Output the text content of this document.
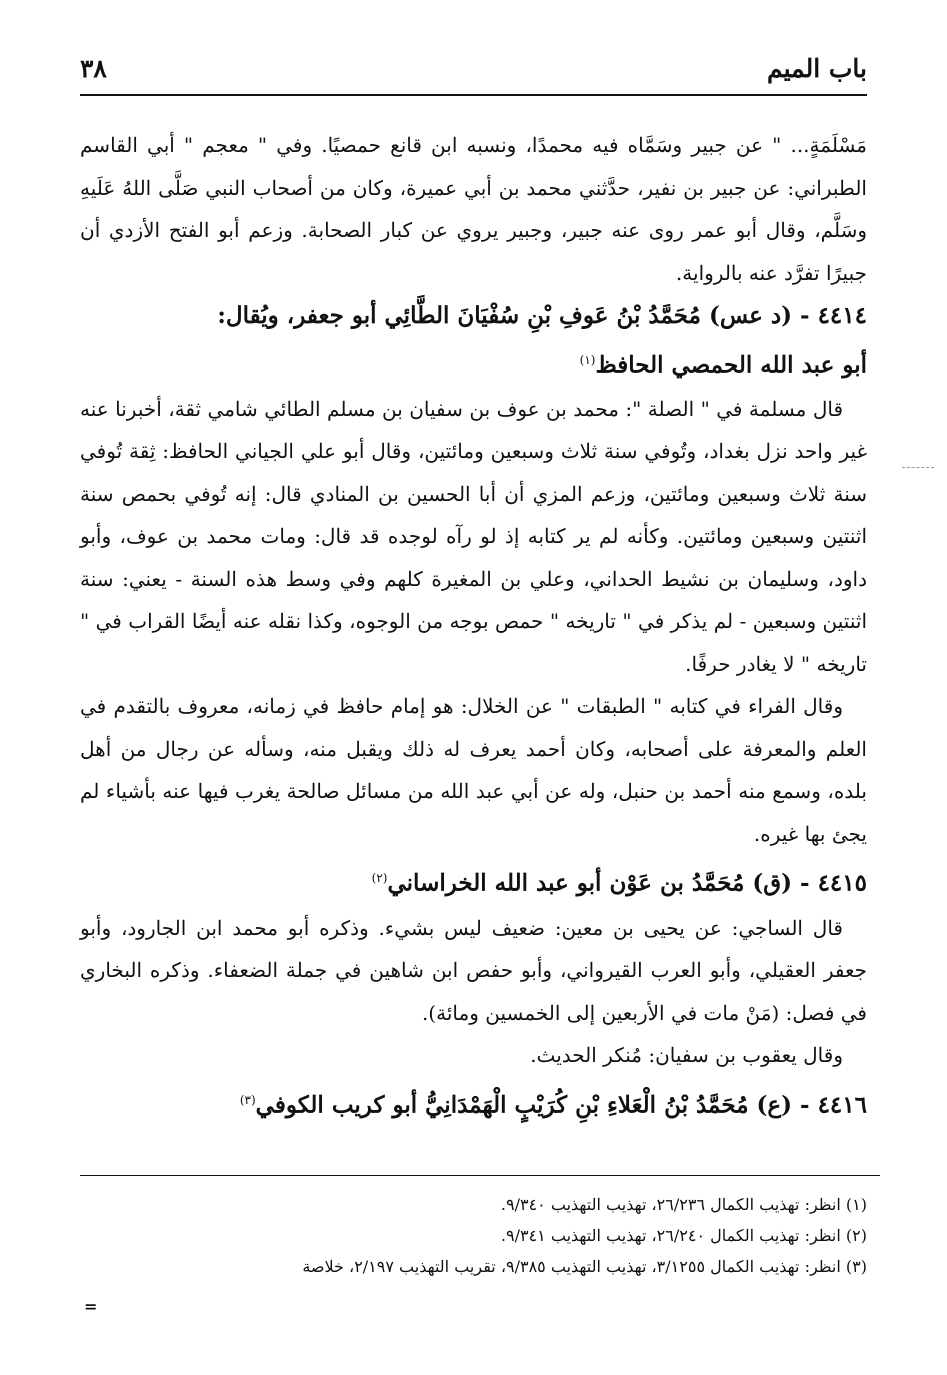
باب الميم
٣٨

مَسْلَمَةٍ... " عن جبير وسَمَّاه فيه محمدًا، ونسبه ابن قانع حمصيًا. وفي " معجم " أبي القاسم الطبراني: عن جبير بن نفير، حدَّثني محمد بن أبي عميرة، وكان من أصحاب النبي صَلَّى اللهُ عَلَيهِ وسَلَّم، وقال أبو عمر روى عنه جبير، وجبير يروي عن كبار الصحابة. وزعم أبو الفتح الأزدي أن جبيرًا تفرَّد عنه بالرواية.

٤٤١٤ - (د عس) مُحَمَّدُ بْنُ عَوفِ بْنِ سُفْيَانَ الطَّائِي أبو جعفر، ويُقال:

أبو عبد الله الحمصي الحافظ$^{(١)}$

قال مسلمة في " الصلة ": محمد بن عوف بن سفيان بن مسلم الطائي شامي ثقة، أخبرنا عنه غير واحد نزل بغداد، وتُوفي سنة ثلاث وسبعين ومائتين، وقال أبو علي الجياني الحافظ: ثِقة تُوفي سنة ثلاث وسبعين ومائتين، وزعم المزي أن أبا الحسين بن المنادي قال: إنه تُوفي بحمص سنة اثنتين وسبعين ومائتين. وكأنه لم ير كتابه إذ لو رآه لوجده قد قال: ومات محمد بن عوف، وأبو داود، وسليمان بن نشيط الحداني، وعلي بن المغيرة كلهم وفي وسط هذه السنة - يعني: سنة اثنتين وسبعين - لم يذكر في " تاريخه " حمص بوجه من الوجوه، وكذا نقله عنه أيضًا القراب في " تاريخه " لا يغادر حرفًا.

وقال الفراء في كتابه " الطبقات " عن الخلال: هو إمام حافظ في زمانه، معروف بالتقدم في العلم والمعرفة على أصحابه، وكان أحمد يعرف له ذلك ويقبل منه، وسأله عن رجال من أهل بلده، وسمع منه أحمد بن حنبل، وله عن أبي عبد الله من مسائل صالحة يغرب فيها عنه بأشياء لم يجئ بها غيره.

٤٤١٥ - (ق) مُحَمَّدُ بن عَوْن أبو عبد الله الخراساني$^{(٢)}$

قال الساجي: عن يحيى بن معين: ضعيف ليس بشيء. وذكره أبو محمد ابن الجارود، وأبو جعفر العقيلي، وأبو العرب القيرواني، وأبو حفص ابن شاهين في جملة الضعفاء. وذكره البخاري في فصل: (مَنْ مات في الأربعين إلى الخمسين ومائة).

وقال يعقوب بن سفيان: مُنكر الحديث.

٤٤١٦ - (ع) مُحَمَّدُ بْنُ الْعَلاءِ بْنِ كُرَيْبٍ الْهَمْدَانِيُّ أبو كريب الكوفي$^{(٣)}$

(١) انظر: تهذيب الكمال ٢٦/٢٣٦، تهذيب التهذيب ٩/٣٤٠.

(٢) انظر: تهذيب الكمال ٢٦/٢٤٠، تهذيب التهذيب ٩/٣٤١.

(٣) انظر: تهذيب الكمال ٣/١٢٥٥، تهذيب التهذيب ٩/٣٨٥، تقريب التهذيب ٢/١٩٧، خلاصة

=
